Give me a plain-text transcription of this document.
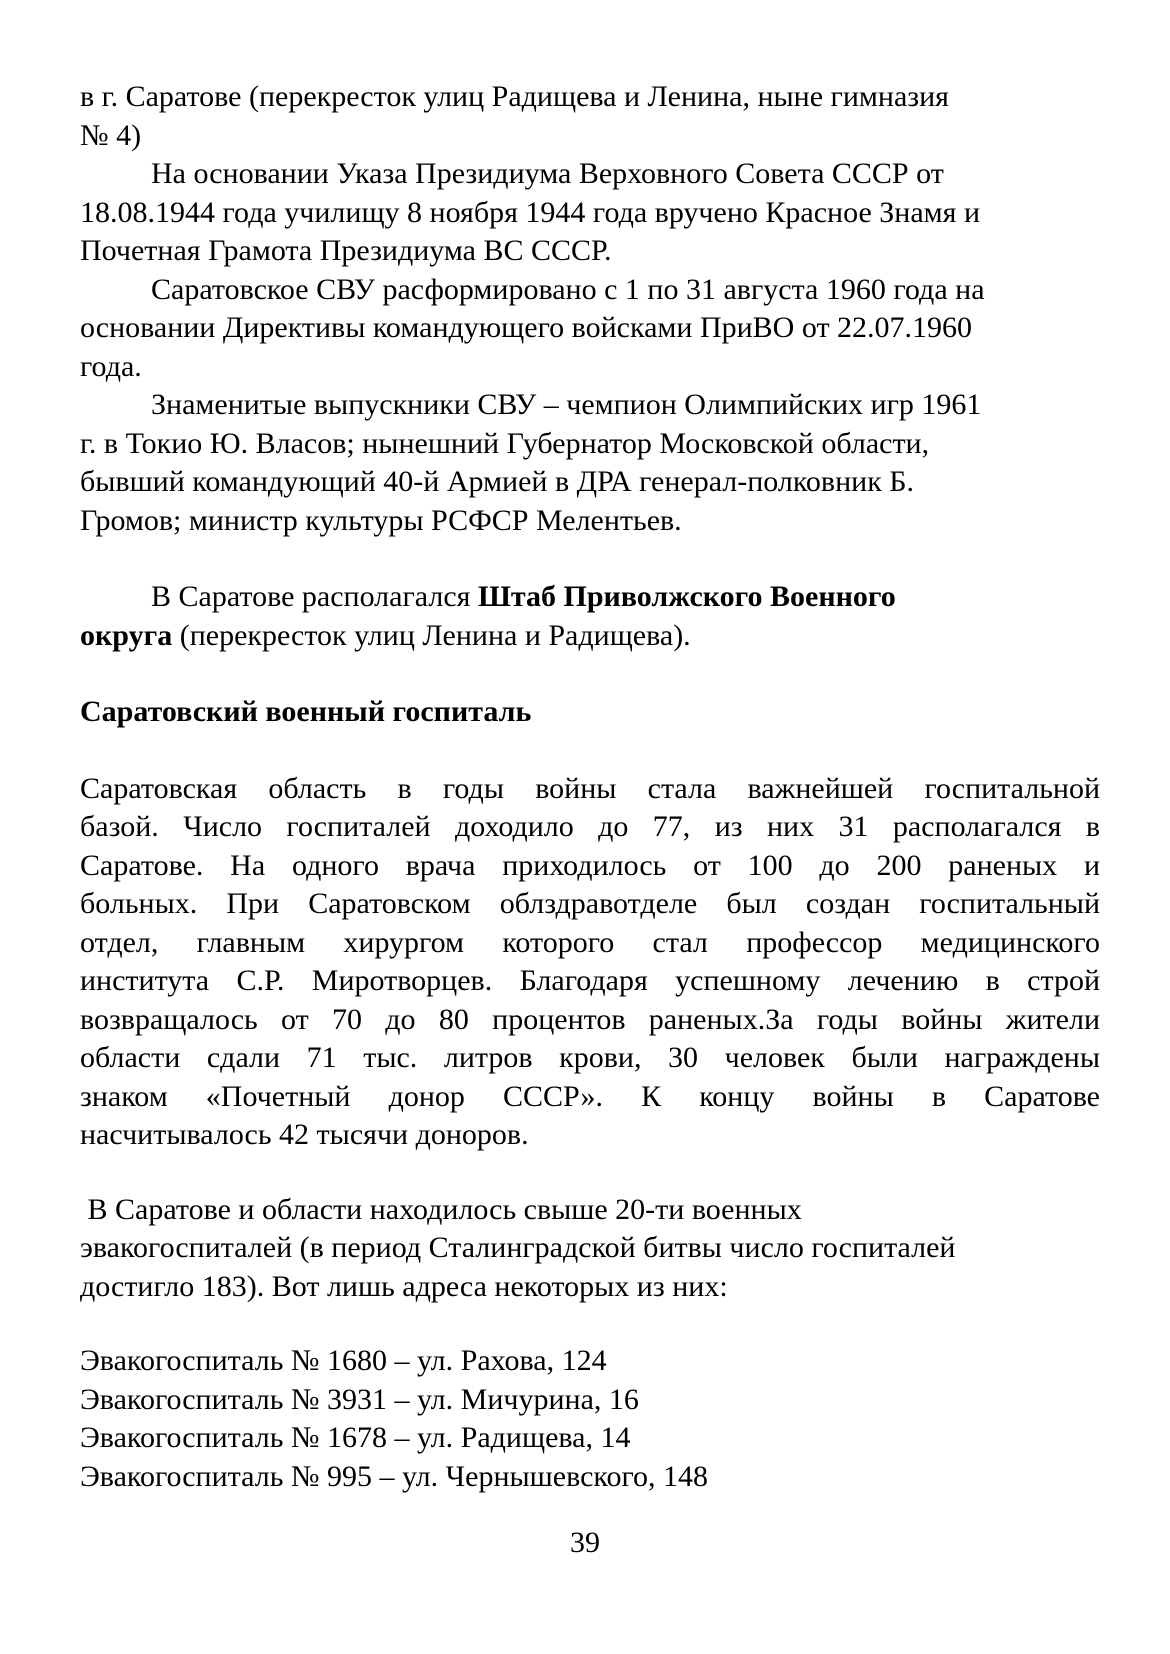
в г. Саратове (перекресток улиц Радищева и Ленина, ныне гимназия
№ 4)
На основании Указа Президиума Верховного Совета СССР от
18.08.1944 года училищу 8 ноября 1944 года вручено Красное Знамя и
Почетная Грамота Президиума ВС СССР.
Саратовское СВУ расформировано с 1 по 31 августа 1960 года на
основании Директивы командующего войсками ПриВО от 22.07.1960
года.
Знаменитые выпускники СВУ – чемпион Олимпийских игр 1961
г. в Токио Ю. Власов; нынешний Губернатор Московской области,
бывший командующий 40-й Армией в ДРА генерал-полковник Б.
Громов; министр культуры РСФСР Мелентьев.
В Саратове располагался Штаб Приволжского Военного
округа (перекресток улиц Ленина и Радищева).
Саратовский военный госпиталь
Саратовская область в годы войны стала важнейшей госпитальной
базой. Число госпиталей доходило до 77, из них 31 располагался в
Саратове. На одного врача приходилось от 100 до 200 раненых и
больных. При Саратовском облздравотделе был создан госпитальный
отдел, главным хирургом которого стал профессор медицинского
института С.Р. Миротворцев. Благодаря успешному лечению в строй
возвращалось от 70 до 80 процентов раненых.За годы войны жители
области сдали 71 тыс. литров крови, 30 человек были награждены
знаком «Почетный донор СССР». К концу войны в Саратове
насчитывалось 42 тысячи доноров.
В Саратове и области находилось свыше 20-ти военных
эвакогоспиталей (в период Сталинградской битвы число госпиталей
достигло 183). Вот лишь адреса некоторых из них:
Эвакогоспиталь № 1680 – ул. Рахова, 124
Эвакогоспиталь № 3931 – ул. Мичурина, 16
Эвакогоспиталь № 1678 – ул. Радищева, 14
Эвакогоспиталь № 995 – ул. Чернышевского, 148
39
